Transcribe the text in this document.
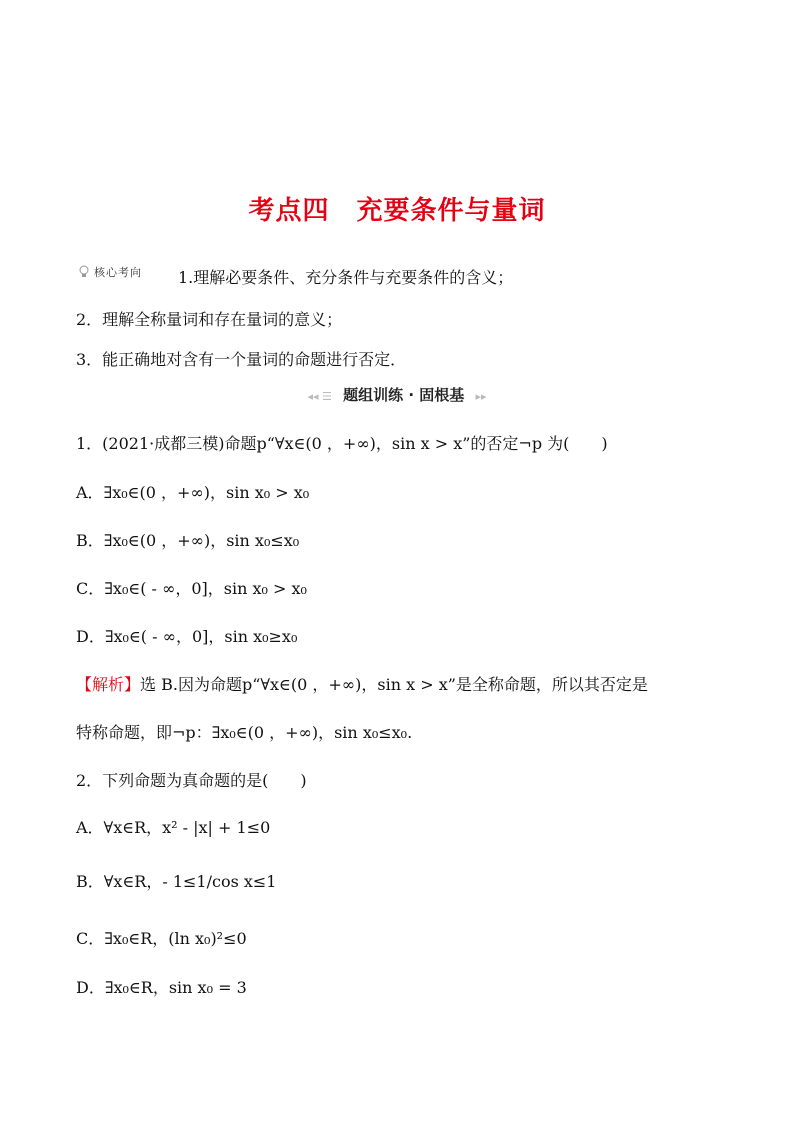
考点四　充要条件与量词
核心考向 1.理解必要条件、充分条件与充要条件的含义；
2．理解全称量词和存在量词的意义；
3．能正确地对含有一个量词的命题进行否定．
◂◂ ☰ 题组训练 · 固根基 ▸▸
1．(2021·成都三模)命题p“∀x∈(0 ，+∞)，sin x > x”的否定¬p 为(　　)
A．∃x₀∈(0 ，+∞)，sin x₀ > x₀
B．∃x₀∈(0 ，+∞)，sin x₀≤x₀
C．∃x₀∈( - ∞，0]，sin x₀ > x₀
D．∃x₀∈( - ∞，0]，sin x₀≥x₀
【解析】选 B.因为命题p“∀x∈(0 ，+∞)，sin x > x”是全称命题，所以其否定是
特称命题，即¬p：∃x₀∈(0 ，+∞)，sin x₀≤x₀.
2．下列命题为真命题的是(　　)
A．∀x∈R，x² - |x| + 1≤0
B．∀x∈R，- 1≤1/cos x≤1
C．∃x₀∈R，(ln x₀)²≤0
D．∃x₀∈R，sin x₀ = 3
